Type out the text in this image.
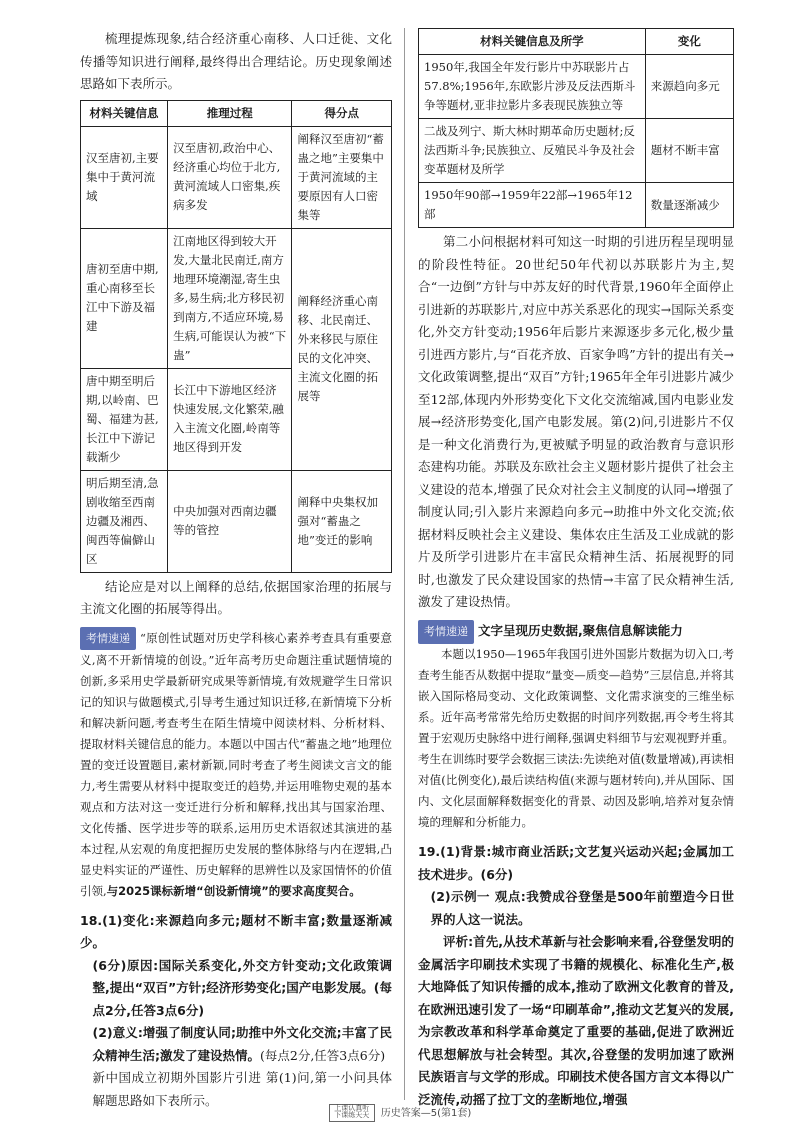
梳理提炼现象,结合经济重心南移、人口迁徙、文化传播等知识进行阐释,最终得出合理结论。历史现象阐述思路如下表所示。

材料关键信息	推理过程	得分点
汉至唐初,主要集中于黄河流域	汉至唐初,政治中心、经济重心均位于北方,黄河流域人口密集,疾病多发	阐释汉至唐初“蓄蛊之地”主要集中于黄河流域的主要原因有人口密集等
唐初至唐中期,重心南移至长江中下游及福建	江南地区得到较大开发,大量北民南迁,南方地理环境潮湿,寄生虫多,易生病;北方移民初到南方,不适应环境,易生病,可能误认为被“下蛊”	阐释经济重心南移、北民南迁、外来移民与原住民的文化冲突、主流文化圈的拓展等
唐中期至明后期,以岭南、巴蜀、福建为甚,长江中下游记载渐少	长江中下游地区经济快速发展,文化繁荣,融入主流文化圈,岭南等地区得到开发	
明后期至清,急剧收缩至西南边疆及湘西、闽西等偏僻山区	中央加强对西南边疆等的管控	阐释中央集权加强对“蓄蛊之地”变迁的影响

结论应是对以上阐释的总结,依据国家治理的拓展与主流文化圈的拓展等得出。

考情速递 “原创性试题对历史学科核心素养考查具有重要意义,离不开新情境的创设。”近年高考历史命题注重试题情境的创新,多采用史学最新研究成果等新情境,有效规避学生日常识记的知识与做题模式,引导考生通过知识迁移,在新情境下分析和解决新问题,考查考生在陌生情境中阅读材料、分析材料、提取材料关键信息的能力。本题以中国古代“蓄蛊之地”地理位置的变迁设置题目,素材新颖,同时考查了考生阅读文言文的能力,考生需要从材料中提取变迁的趋势,并运用唯物史观的基本观点和方法对这一变迁进行分析和解释,找出其与国家治理、文化传播、医学进步等的联系,运用历史术语叙述其演进的基本过程,从宏观的角度把握历史发展的整体脉络与内在逻辑,凸显史料实证的严谨性、历史解释的思辨性以及家国情怀的价值引领,与2025课标新增“创设新情境”的要求高度契合。

18.(1)变化:来源趋向多元;题材不断丰富;数量逐渐减少。

(6分)原因:国际关系变化,外交方针变动;文化政策调整,提出“双百”方针;经济形势变化;国产电影发展。(每点2分,任答3点6分)

(2)意义:增强了制度认同;助推中外文化交流;丰富了民众精神生活;激发了建设热情。(每点2分,任答3点6分)

新中国成立初期外国影片引进 第(1)问,第一小问具体解题思路如下表所示。

材料关键信息及所学	变化
1950年,我国全年发行影片中苏联影片占57.8%;1956年,东欧影片涉及反法西斯斗争等题材,亚非拉影片多表现民族独立等	来源趋向多元
二战及列宁、斯大林时期革命历史题材;反法西斯斗争;民族独立、反殖民斗争及社会变革题材及所学	题材不断丰富
1950年90部→1959年22部→1965年12部	数量逐渐减少

第二小问根据材料可知这一时期的引进历程呈现明显的阶段性特征。20世纪50年代初以苏联影片为主,契合“一边倒”方针与中苏友好的时代背景,1960年全面停止引进新的苏联影片,对应中苏关系恶化的现实→国际关系变化,外交方针变动;1956年后影片来源逐步多元化,极少量引进西方影片,与“百花齐放、百家争鸣”方针的提出有关→文化政策调整,提出“双百”方针;1965年全年引进影片减少至12部,体现内外形势变化下文化交流缩减,国内电影业发展→经济形势变化,国产电影发展。第(2)问,引进影片不仅是一种文化消费行为,更被赋予明显的政治教育与意识形态建构功能。苏联及东欧社会主义题材影片提供了社会主义建设的范本,增强了民众对社会主义制度的认同→增强了制度认同;引入影片来源趋向多元→助推中外文化交流;依据材料反映社会主义建设、集体农庄生活及工业成就的影片及所学引进影片在丰富民众精神生活、拓展视野的同时,也激发了民众建设国家的热情→丰富了民众精神生活,激发了建设热情。

考情速递 文字呈现历史数据,聚焦信息解读能力

本题以1950—1965年我国引进外国影片数据为切入口,考查考生能否从数据中提取“量变—质变—趋势”三层信息,并将其嵌入国际格局变动、文化政策调整、文化需求演变的三维坐标系。近年高考常常先给历史数据的时间序列数据,再令考生将其置于宏观历史脉络中进行阐释,强调史料细节与宏观视野并重。考生在训练时要学会数据三读法:先读绝对值(数量增减),再读相对值(比例变化),最后读结构值(来源与题材转向),并从国际、国内、文化层面解释数据变化的背景、动因及影响,培养对复杂情境的理解和分析能力。

19.(1)背景:城市商业活跃;文艺复兴运动兴起;金属加工技术进步。(6分)

(2)示例一 观点:我赞成谷登堡是500年前塑造今日世界的人这一说法。

评析:首先,从技术革新与社会影响来看,谷登堡发明的金属活字印刷技术实现了书籍的规模化、标准化生产,极大地降低了知识传播的成本,推动了欧洲文化教育的普及,在欧洲迅速引发了一场“印刷革命”,推动文艺复兴的发展,为宗教改革和科学革命奠定了重要的基础,促进了欧洲近代思想解放与社会转型。其次,谷登堡的发明加速了欧洲民族语言与文学的形成。印刷技术使各国方言文本得以广泛流传,动摇了拉丁文的垄断地位,增强

上课认真听 下课练天天 历史答案—5(第1套)
